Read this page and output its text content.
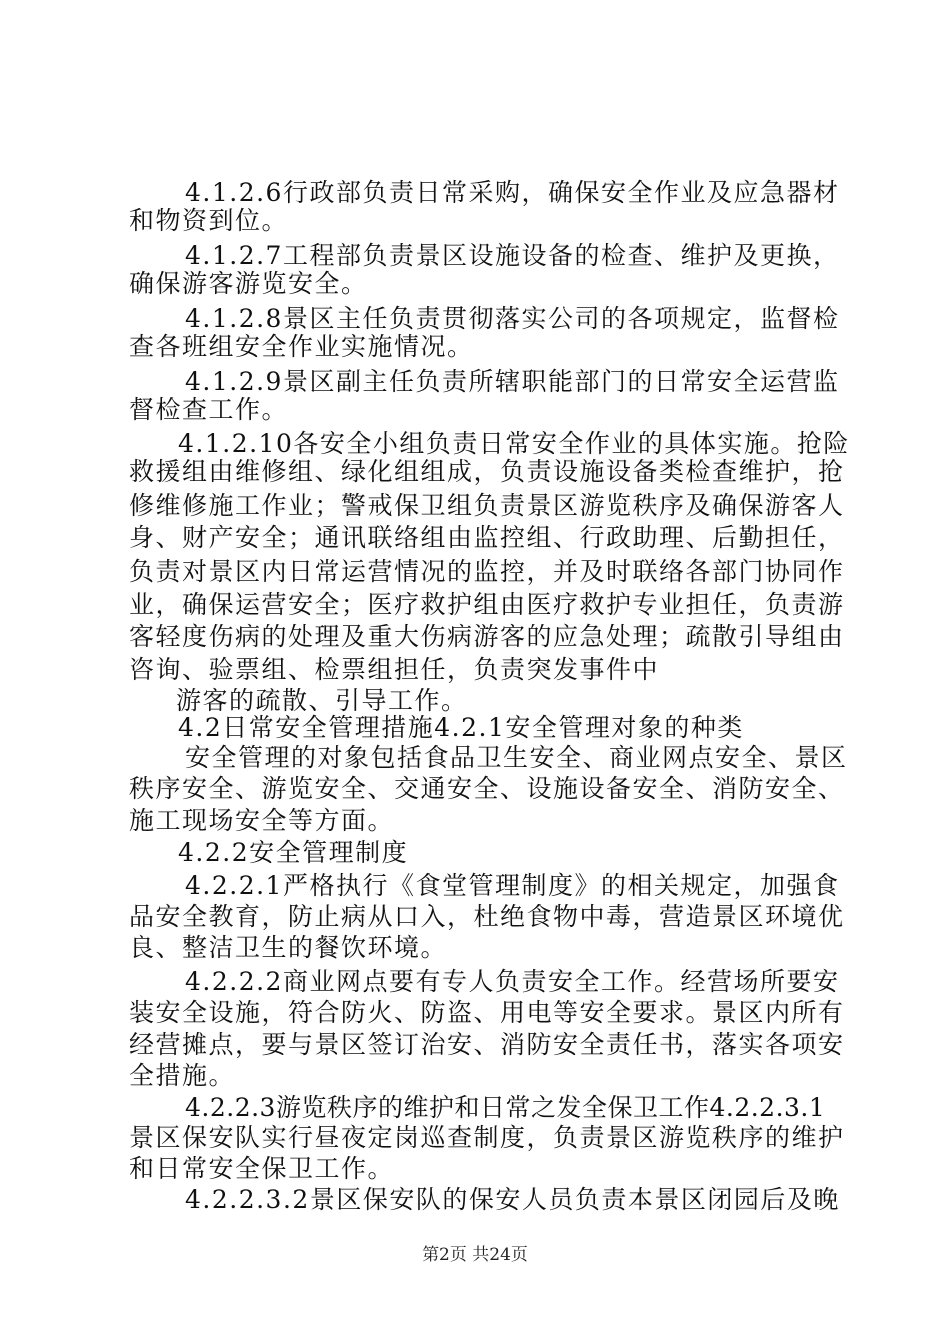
4.1.2.6行政部负责日常采购，确保安全作业及应急器材
和物资到位。
4.1.2.7工程部负责景区设施设备的检查、维护及更换，
确保游客游览安全。
4.1.2.8景区主任负责贯彻落实公司的各项规定，监督检
查各班组安全作业实施情况。
4.1.2.9景区副主任负责所辖职能部门的日常安全运营监
督检查工作。
4.1.2.10各安全小组负责日常安全作业的具体实施。抢险
救援组由维修组、绿化组组成，负责设施设备类检查维护，抢
修维修施工作业；警戒保卫组负责景区游览秩序及确保游客人
身、财产安全；通讯联络组由监控组、行政助理、后勤担任，
负责对景区内日常运营情况的监控，并及时联络各部门协同作
业，确保运营安全；医疗救护组由医疗救护专业担任，负责游
客轻度伤病的处理及重大伤病游客的应急处理；疏散引导组由
咨询、验票组、检票组担任，负责突发事件中
游客的疏散、引导工作。
4.2日常安全管理措施4.2.1安全管理对象的种类
安全管理的对象包括食品卫生安全、商业网点安全、景区
秩序安全、游览安全、交通安全、设施设备安全、消防安全、
施工现场安全等方面。
4.2.2安全管理制度
4.2.2.1严格执行《食堂管理制度》的相关规定，加强食
品安全教育，防止病从口入，杜绝食物中毒，营造景区环境优
良、整洁卫生的餐饮环境。
4.2.2.2商业网点要有专人负责安全工作。经营场所要安
装安全设施，符合防火、防盗、用电等安全要求。景区内所有
经营摊点，要与景区签订治安、消防安全责任书，落实各项安
全措施。
4.2.2.3游览秩序的维护和日常之发全保卫工作4.2.2.3.1
景区保安队实行昼夜定岗巡查制度，负责景区游览秩序的维护
和日常安全保卫工作。
4.2.2.3.2景区保安队的保安人员负责本景区闭园后及晚
第2页 共24页
